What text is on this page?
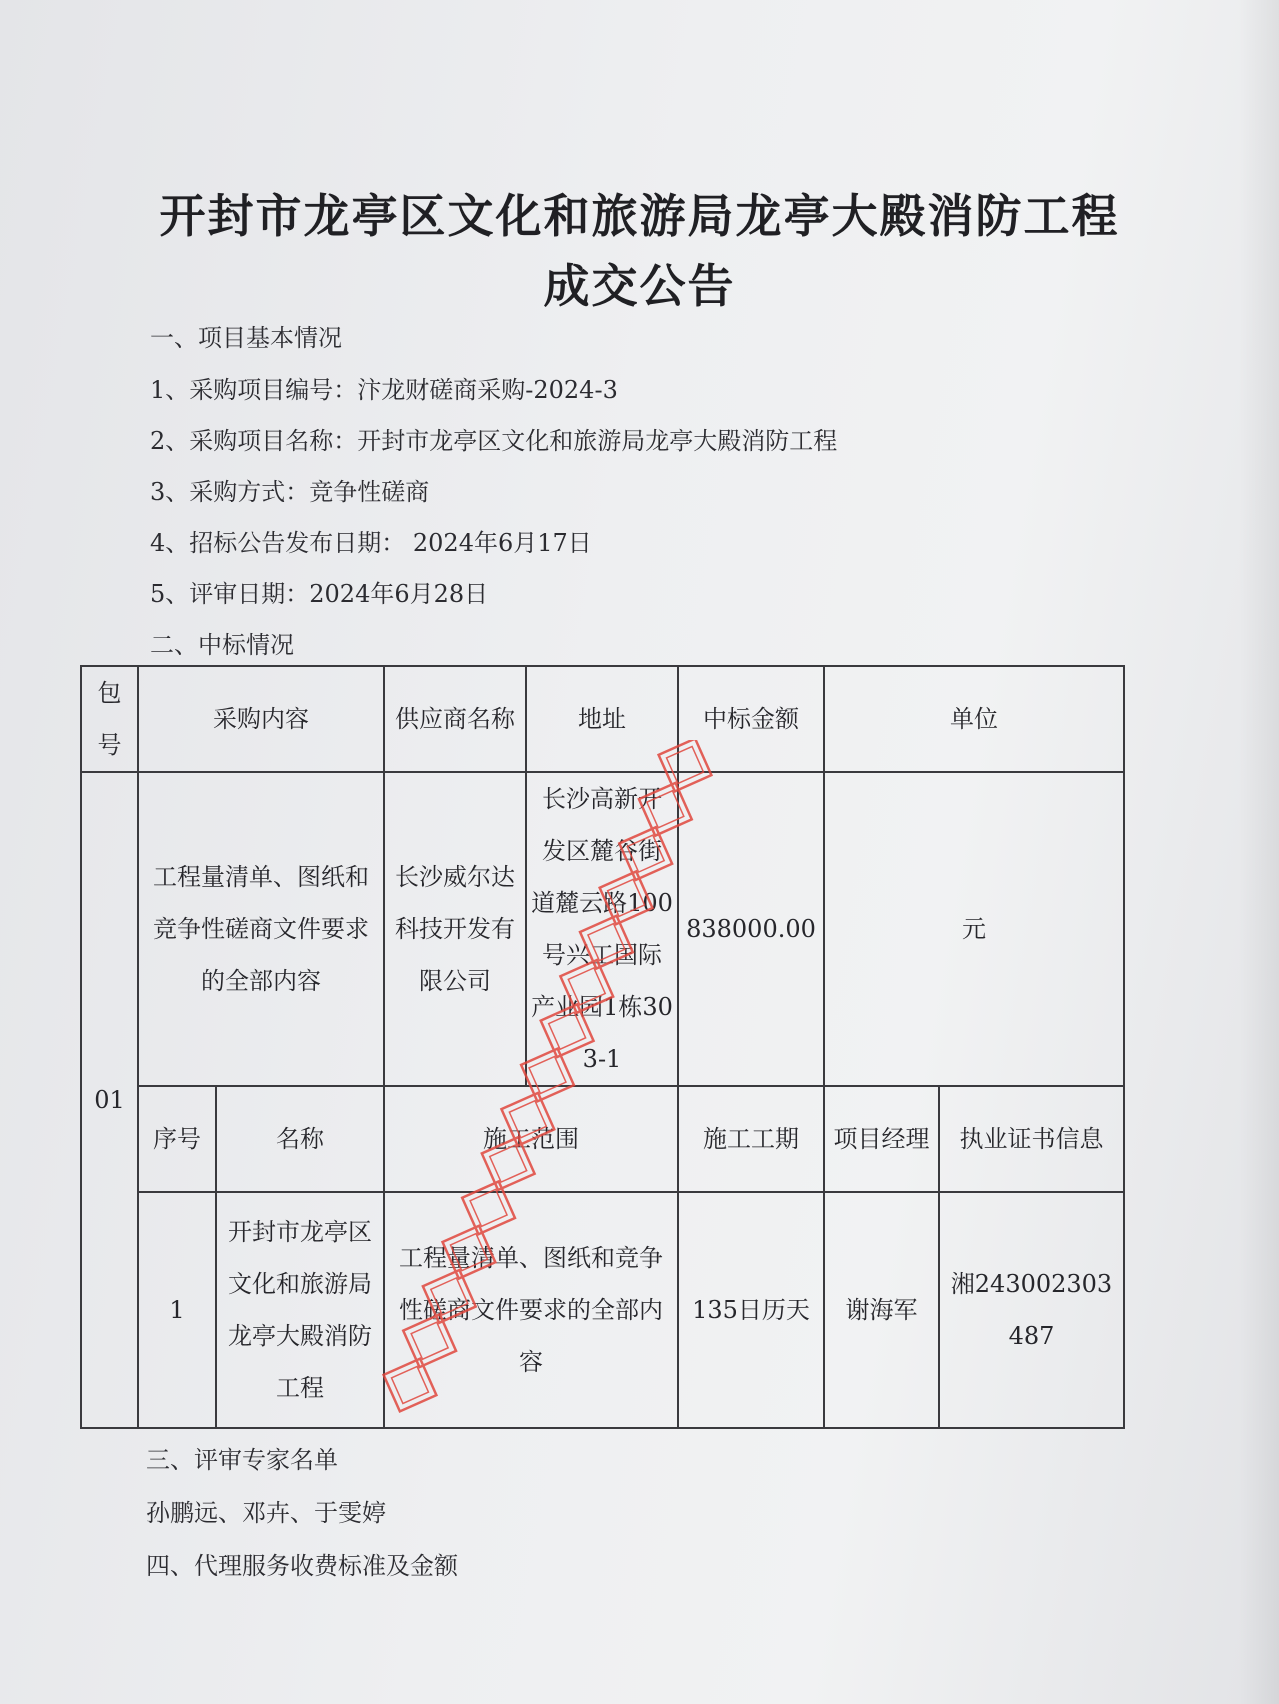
开封市龙亭区文化和旅游局龙亭大殿消防工程
成交公告
一、项目基本情况
1、采购项目编号：汴龙财磋商采购-2024-3
2、采购项目名称：开封市龙亭区文化和旅游局龙亭大殿消防工程
3、采购方式：竞争性磋商
4、招标公告发布日期： 2024年6月17日
5、评审日期：2024年6月28日
二、中标情况
包号	采购内容		供应商名称	地址	中标金额	单位	
01	工程量清单、图纸和竞争性磋商文件要求的全部内容		长沙威尔达科技开发有限公司	长沙高新开发区麓谷街道麓云路100号兴工国际产业园1栋303-1	838000.00	元	
	序号	名称	施工范围		施工工期	项目经理	执业证书信息
	1	开封市龙亭区文化和旅游局龙亭大殿消防工程	工程量清单、图纸和竞争性磋商文件要求的全部内容		135日历天	谢海军	湘243002303487
三、评审专家名单
孙鹏远、邓卉、于雯婷
四、代理服务收费标准及金额
